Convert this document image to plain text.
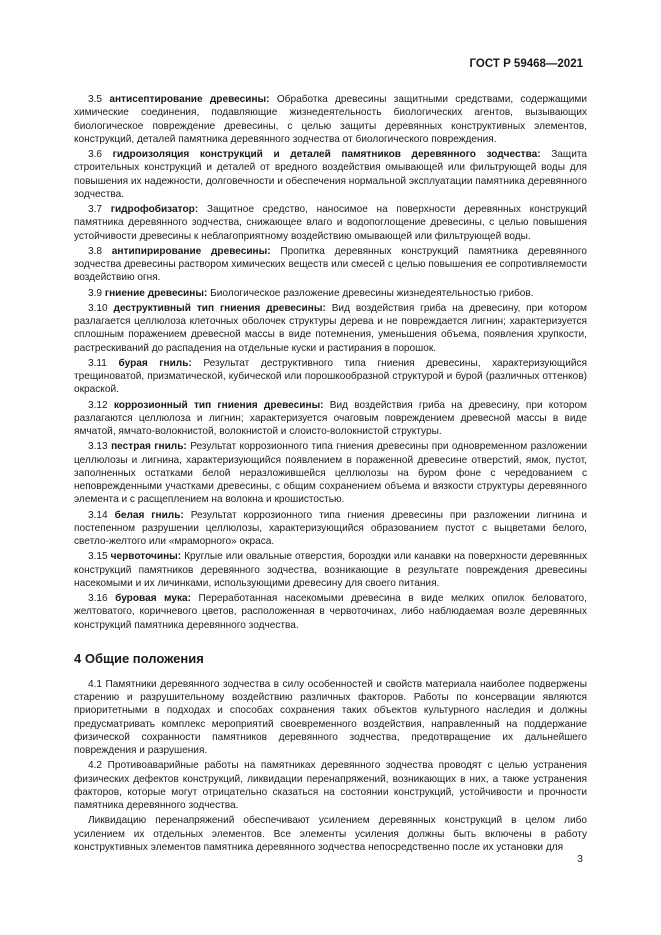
ГОСТ Р 59468—2021

3.5 антисептирование древесины: Обработка древесины защитными средствами, содержащими химические соединения, подавляющие жизнедеятельность биологических агентов, вызывающих биологическое повреждение древесины, с целью защиты деревянных конструктивных элементов, конструкций, деталей памятника деревянного зодчества от биологического повреждения.

3.6 гидроизоляция конструкций и деталей памятников деревянного зодчества: Защита строительных конструкций и деталей от вредного воздействия омывающей или фильтрующей воды для повышения их надежности, долговечности и обеспечения нормальной эксплуатации памятника деревянного зодчества.

3.7 гидрофобизатор: Защитное средство, наносимое на поверхности деревянных конструкций памятника деревянного зодчества, снижающее влаго и водопоглощение древесины, с целью повышения устойчивости древесины к неблагоприятному воздействию омывающей или фильтрующей воды.

3.8 антипирирование древесины: Пропитка деревянных конструкций памятника деревянного зодчества древесины раствором химических веществ или смесей с целью повышения ее сопротивляемости воздействию огня.

3.9 гниение древесины: Биологическое разложение древесины жизнедеятельностью грибов.

3.10 деструктивный тип гниения древесины: Вид воздействия гриба на древесину, при котором разлагается целлюлоза клеточных оболочек структуры дерева и не повреждается лигнин; характеризуется сплошным поражением древесной массы в виде потемнения, уменьшения объема, появления хрупкости, растрескиваний до распадения на отдельные куски и растирания в порошок.

3.11 бурая гниль: Результат деструктивного типа гниения древесины, характеризующийся трещиноватой, призматической, кубической или порошкообразной структурой и бурой (различных оттенков) окраской.

3.12 коррозионный тип гниения древесины: Вид воздействия гриба на древесину, при котором разлагаются целлюлоза и лигнин; характеризуется очаговым повреждением древесной массы в виде ямчатой, ямчато-волокнистой, волокнистой и слоисто-волокнистой структуры.

3.13 пестрая гниль: Результат коррозионного типа гниения древесины при одновременном разложении целлюлозы и лигнина, характеризующийся появлением в пораженной древесине отверстий, ямок, пустот, заполненных остатками белой неразложившейся целлюлозы на буром фоне с чередованием с неповрежденными участками древесины, с общим сохранением объема и вязкости структуры деревянного элемента и с расщеплением на волокна и крошистостью.

3.14 белая гниль: Результат коррозионного типа гниения древесины при разложении лигнина и постепенном разрушении целлюлозы, характеризующийся образованием пустот с выцветами белого, светло-желтого или «мраморного» окраса.

3.15 червоточины: Круглые или овальные отверстия, бороздки или канавки на поверхности деревянных конструкций памятников деревянного зодчества, возникающие в результате повреждения древесины насекомыми и их личинками, использующими древесину для своего питания.

3.16 буровая мука: Переработанная насекомыми древесина в виде мелких опилок беловатого, желтоватого, коричневого цветов, расположенная в червоточинах, либо наблюдаемая возле деревянных конструкций памятника деревянного зодчества.

4 Общие положения

4.1 Памятники деревянного зодчества в силу особенностей и свойств материала наиболее подвержены старению и разрушительному воздействию различных факторов. Работы по консервации являются приоритетными в подходах и способах сохранения таких объектов культурного наследия и должны предусматривать комплекс мероприятий своевременного воздействия, направленный на поддержание физической сохранности памятников деревянного зодчества, предотвращение их дальнейшего повреждения и разрушения.

4.2 Противоаварийные работы на памятниках деревянного зодчества проводят с целью устранения физических дефектов конструкций, ликвидации перенапряжений, возникающих в них, а также устранения факторов, которые могут отрицательно сказаться на состоянии конструкций, устойчивости и прочности памятника деревянного зодчества.

Ликвидацию перенапряжений обеспечивают усилением деревянных конструкций в целом либо усилением их отдельных элементов. Все элементы усиления должны быть включены в работу конструктивных элементов памятника деревянного зодчества непосредственно после их установки для

3
